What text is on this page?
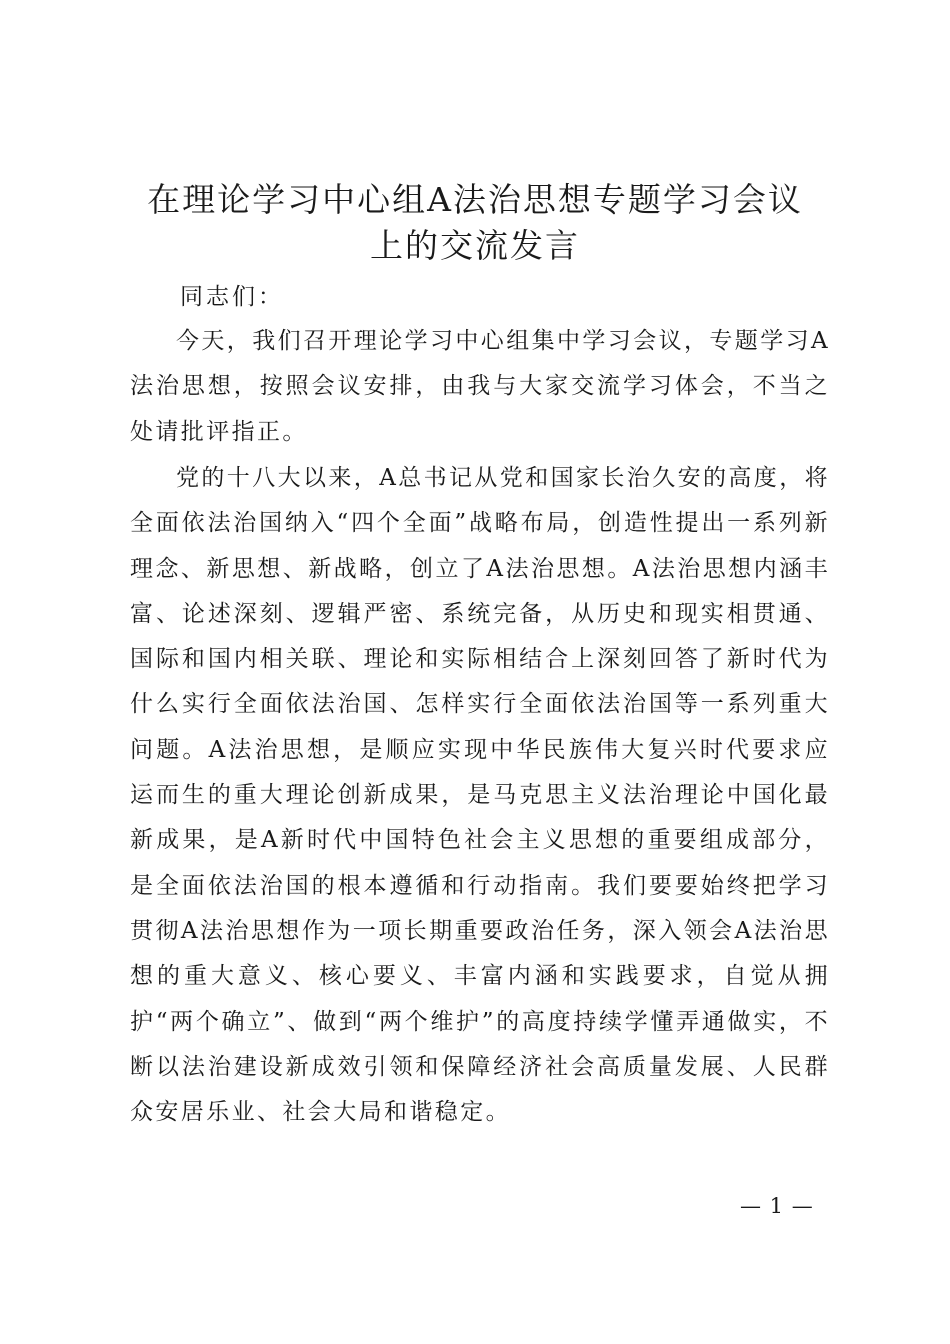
在理论学习中心组A法治思想专题学习会议
上的交流发言

同志们：

今天，我们召开理论学习中心组集中学习会议，专题学习A法治思想，按照会议安排，由我与大家交流学习体会，不当之处请批评指正。

党的十八大以来，A总书记从党和国家长治久安的高度，将全面依法治国纳入“四个全面”战略布局，创造性提出一系列新理念、新思想、新战略，创立了A法治思想。A法治思想内涵丰富、论述深刻、逻辑严密、系统完备，从历史和现实相贯通、国际和国内相关联、理论和实际相结合上深刻回答了新时代为什么实行全面依法治国、怎样实行全面依法治国等一系列重大问题。A法治思想，是顺应实现中华民族伟大复兴时代要求应运而生的重大理论创新成果，是马克思主义法治理论中国化最新成果，是A新时代中国特色社会主义思想的重要组成部分，是全面依法治国的根本遵循和行动指南。我们要要始终把学习贯彻A法治思想作为一项长期重要政治任务，深入领会A法治思想的重大意义、核心要义、丰富内涵和实践要求，自觉从拥护“两个确立”、做到“两个维护”的高度持续学懂弄通做实，不断以法治建设新成效引领和保障经济社会高质量发展、人民群众安居乐业、社会大局和谐稳定。

— 1 —
